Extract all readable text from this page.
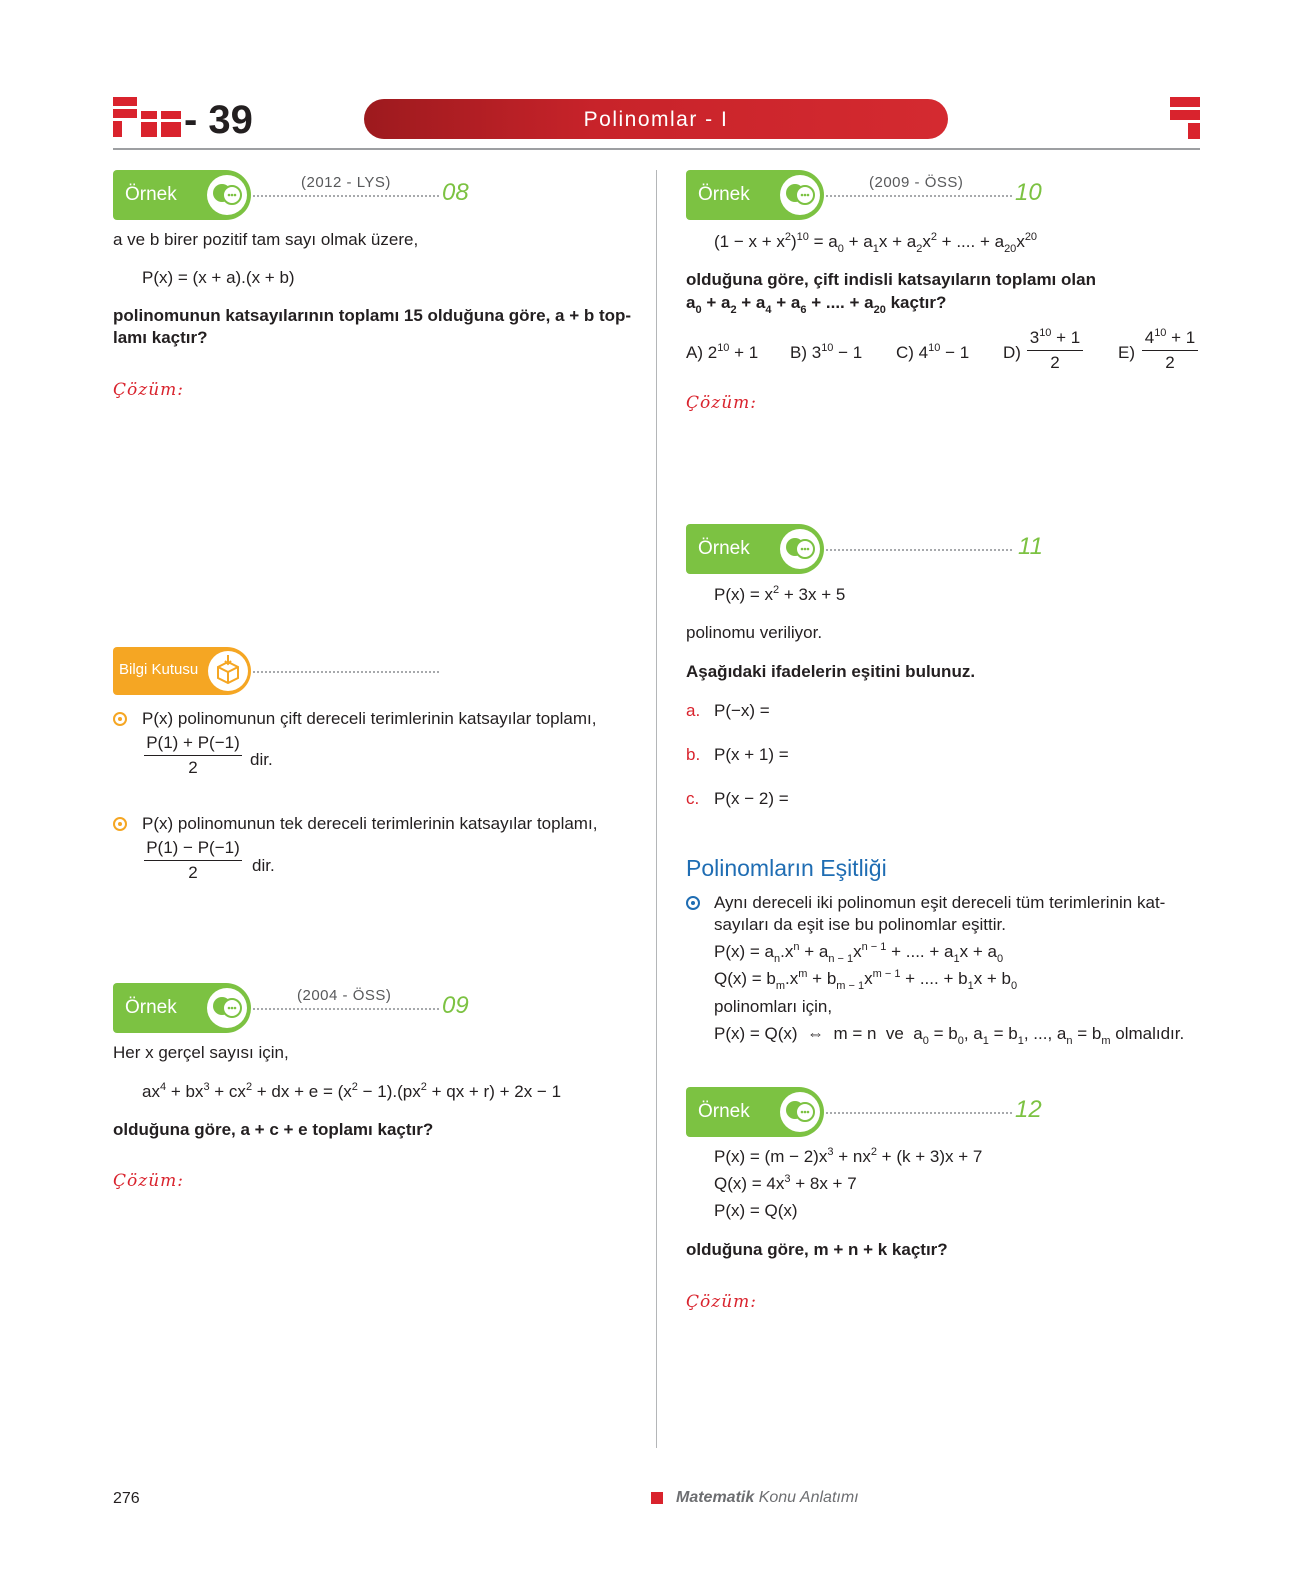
- 39	Polinomlar - I
Örnek
(2012 - LYS) 08
a ve b birer pozitif tam sayı olmak üzere,
P(x) = (x + a).(x + b)
polinomunun katsayılarının toplamı 15 olduğuna göre, a + b top-
lamı kaçtır?
Çözüm:
Bilgi Kutusu
P(x) polinomunun çift dereceli terimlerinin katsayılar toplamı,
P(1) + P(−1)
2	dir.
P(x) polinomunun tek dereceli terimlerinin katsayılar toplamı,
P(1) − P(−1)
2	dir.
Örnek
(2004 - ÖSS) 09
Her x gerçel sayısı için,
$ax^4 + bx^3 + cx^2$ + dx + $e = (x^2 - 1).(px^2$ + qx + r) + 2x − 1
olduğuna göre, a + c + e toplamı kaçtır?
Çözüm:
Örnek
(2009 - ÖSS) 10
$(1 - x + x^2)^{10} = a_0 + a_1x + a_2x^2$ + .... + $a_{20}x^{20}$
olduğuna göre, çift indisli katsayıların toplamı olan
$a_0 + a_2 + a_4 + a_6$ + .... + $a_{20}$ kaçtır?
A) $2^{10} + 1$ B) $3^{10} - 1$ C) $4^{10} - 1$ D)
$3^{10} + 1$
2
E)
$4^{10} + 1$
2
Çözüm:
Örnek	11
$P(x) = x^2 + 3x + 5$
polinomu veriliyor.
Aşağıdaki ifadelerin eşitini bulunuz.
a. P(−x) =
b. P(x + 1) =
c. P(x − 2) =
Polinomların Eşitliği
Aynı dereceli iki polinomun eşit dereceli tüm terimlerinin kat-
sayıları da eşit ise bu polinomlar eşittir.
$P(x) = a_n.x^n + a_{n - 1}x^{n - 1}$ + .... + $a_1x + a_0$
$Q(x) = b_m.x^m + b_{m - 1}x^{m - 1}$ + .... + $b_1x + b_0$
polinomları için,
P(x) = Q(x)  ⇔  m = n  ve  $a_0 = b_0$, $a_1 = b_1$, ..., $a_n = b_m$ olmalıdır.
Örnek	12
$P(x) = (m - 2)x^3 + nx^2 + (k + 3)x + 7$
$Q(x) = 4x^3 + 8x + 7$
P(x) = Q(x)
olduğuna göre, m + n + k kaçtır?
Çözüm:
276	Matematik Konu Anlatımı
